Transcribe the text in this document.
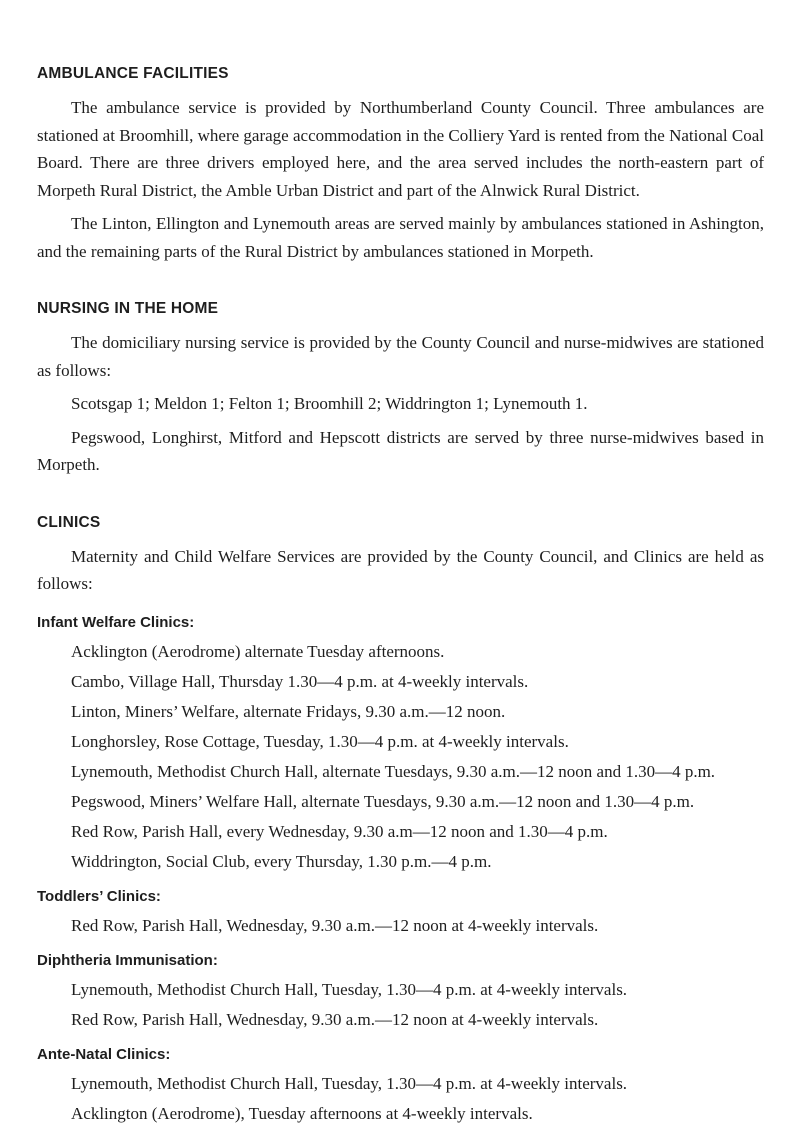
AMBULANCE FACILITIES

The ambulance service is provided by Northumberland County Council. Three ambulances are stationed at Broomhill, where garage accommodation in the Colliery Yard is rented from the National Coal Board. There are three drivers employed here, and the area served includes the north-eastern part of Morpeth Rural District, the Amble Urban District and part of the Alnwick Rural District.

The Linton, Ellington and Lynemouth areas are served mainly by ambulances stationed in Ashington, and the remaining parts of the Rural District by ambulances stationed in Morpeth.

NURSING IN THE HOME

The domiciliary nursing service is provided by the County Council and nurse-midwives are stationed as follows:

Scotsgap 1; Meldon 1; Felton 1; Broomhill 2; Widdrington 1; Lynemouth 1.

Pegswood, Longhirst, Mitford and Hepscott districts are served by three nurse-midwives based in Morpeth.

CLINICS

Maternity and Child Welfare Services are provided by the County Council, and Clinics are held as follows:

Infant Welfare Clinics:

Acklington (Aerodrome) alternate Tuesday afternoons.

Cambo, Village Hall, Thursday 1.30—4 p.m. at 4-weekly intervals.

Linton, Miners’ Welfare, alternate Fridays, 9.30 a.m.—12 noon.

Longhorsley, Rose Cottage, Tuesday, 1.30—4 p.m. at 4-weekly intervals.

Lynemouth, Methodist Church Hall, alternate Tuesdays, 9.30 a.m.—12 noon and 1.30—4 p.m.

Pegswood, Miners’ Welfare Hall, alternate Tuesdays, 9.30 a.m.—12 noon and 1.30—4 p.m.

Red Row, Parish Hall, every Wednesday, 9.30 a.m—12 noon and 1.30—4 p.m.

Widdrington, Social Club, every Thursday, 1.30 p.m.—4 p.m.

Toddlers’ Clinics:

Red Row, Parish Hall, Wednesday, 9.30 a.m.—12 noon at 4-weekly intervals.

Diphtheria Immunisation:

Lynemouth, Methodist Church Hall, Tuesday, 1.30—4 p.m. at 4-weekly intervals.

Red Row, Parish Hall, Wednesday, 9.30 a.m.—12 noon at 4-weekly intervals.

Ante-Natal Clinics:

Lynemouth, Methodist Church Hall, Tuesday, 1.30—4 p.m. at 4-weekly intervals.

Acklington (Aerodrome), Tuesday afternoons at 4-weekly intervals.
